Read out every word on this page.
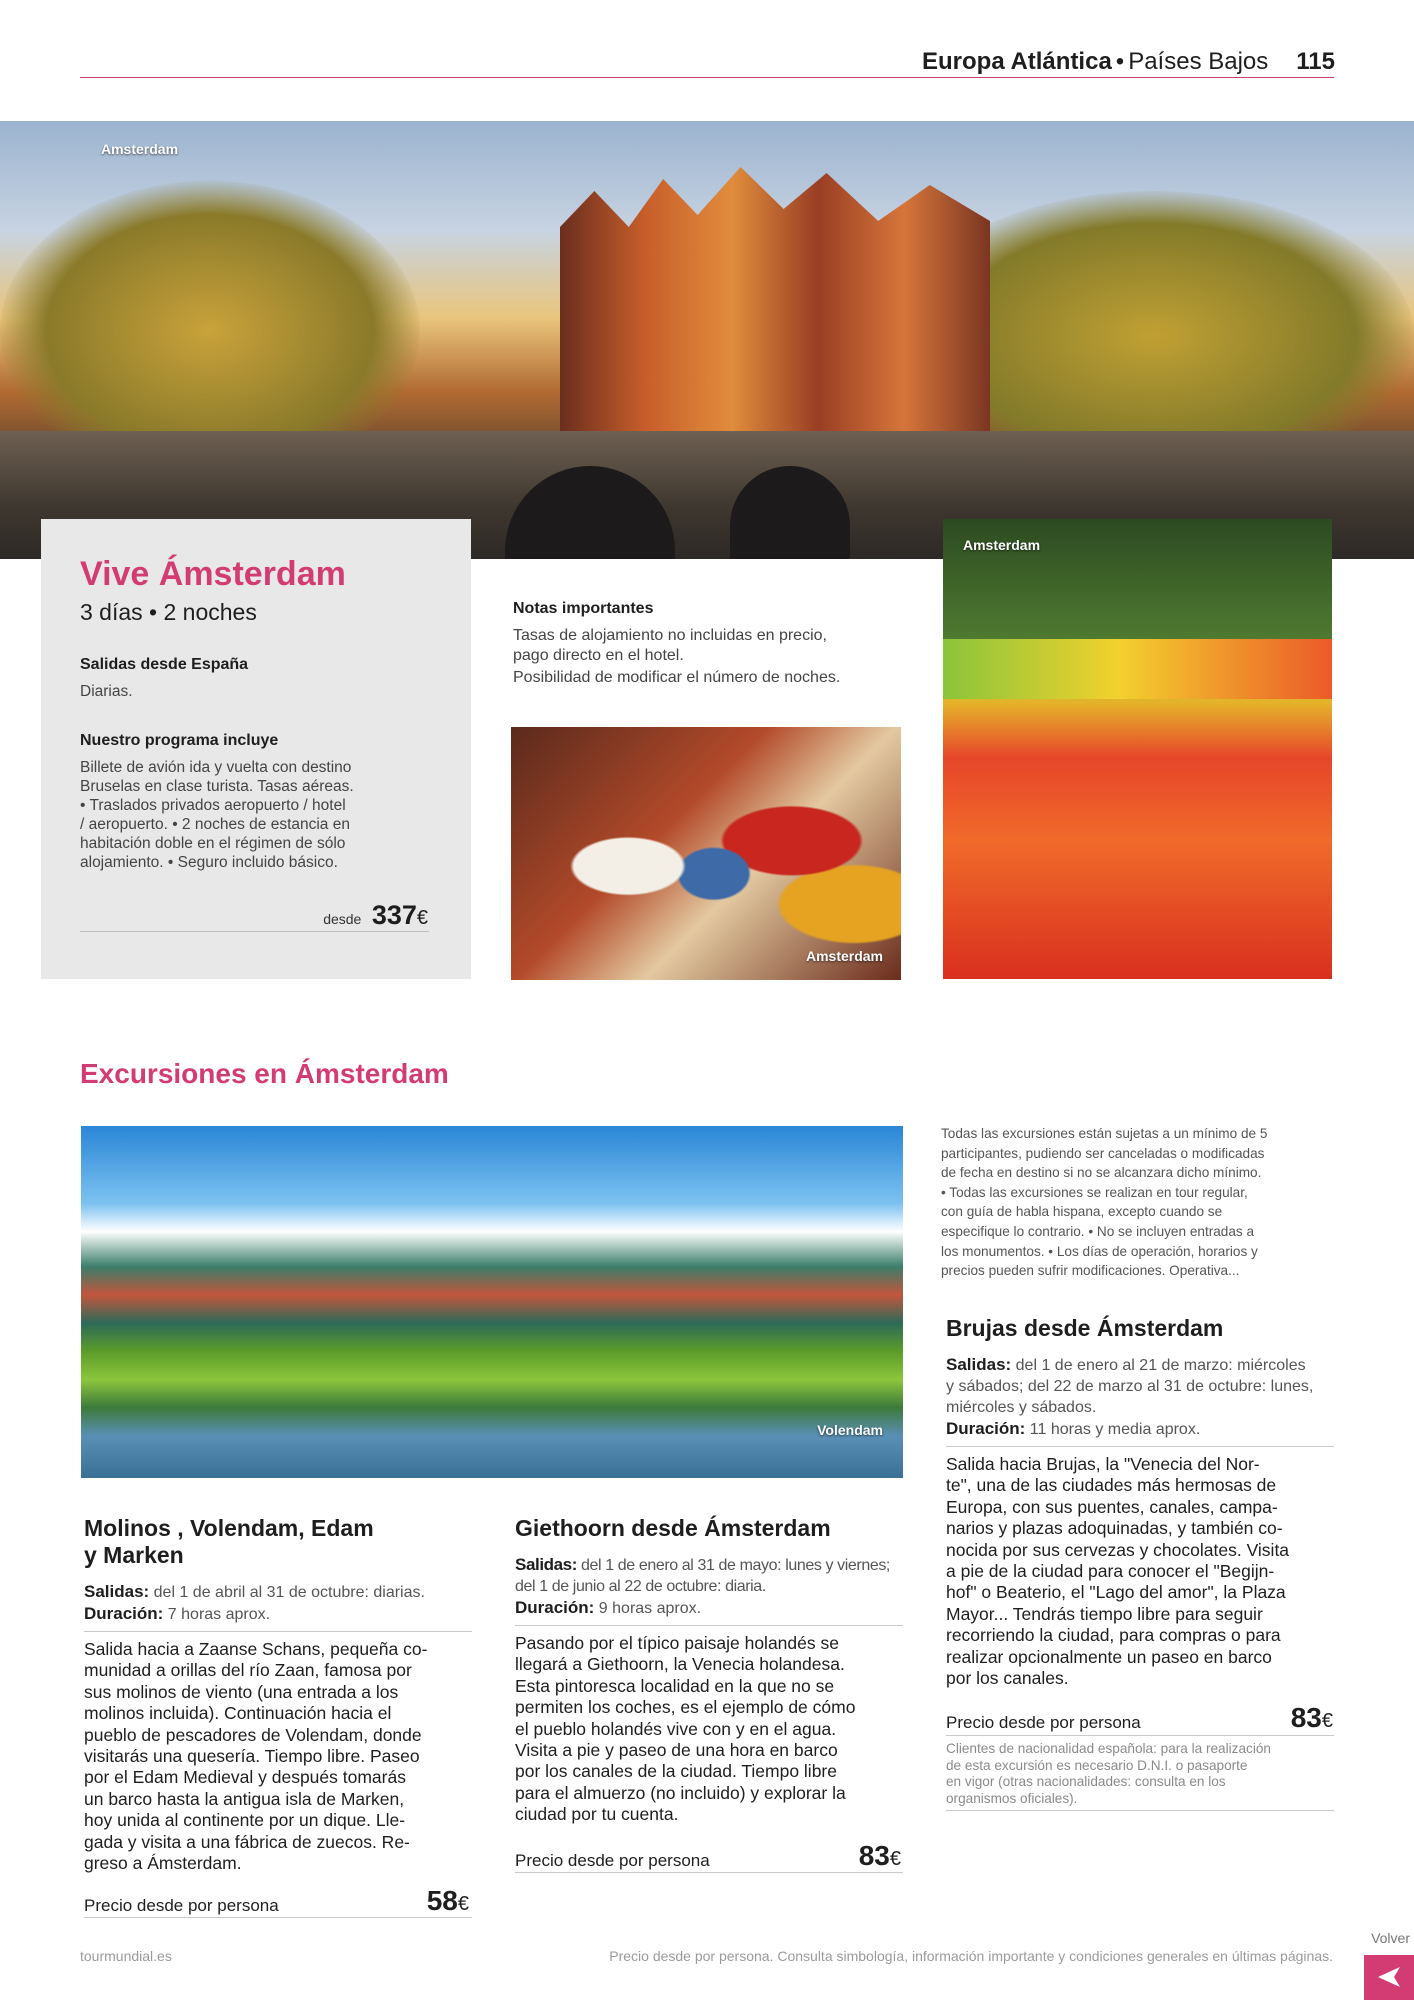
Europa Atlántica • Países Bajos 115
Amsterdam
Vive Ámsterdam
3 días • 2 noches
Salidas desde España
Diarias.
Nuestro programa incluye
Billete de avión ida y vuelta con destino
Bruselas en clase turista. Tasas aéreas.
• Traslados privados aeropuerto / hotel
/ aeropuerto. • 2 noches de estancia en
habitación doble en el régimen de sólo
alojamiento. • Seguro incluido básico.
desde 337€
Notas importantes
Tasas de alojamiento no incluidas en precio,
pago directo en el hotel.
Posibilidad de modificar el número de noches.
Amsterdam
Amsterdam
Excursiones en Ámsterdam
Volendam
Todas las excursiones están sujetas a un mínimo de 5
participantes, pudiendo ser canceladas o modificadas
de fecha en destino si no se alcanzara dicho mínimo.
• Todas las excursiones se realizan en tour regular,
con guía de habla hispana, excepto cuando se
especifique lo contrario. • No se incluyen entradas a
los monumentos. • Los días de operación, horarios y
precios pueden sufrir modificaciones. Operativa...
Molinos , Volendam, Edam
y Marken
Salidas: del 1 de abril al 31 de octubre: diarias.
Duración: 7 horas aprox.
Salida hacia a Zaanse Schans, pequeña co-
munidad a orillas del río Zaan, famosa por
sus molinos de viento (una entrada a los
molinos incluida). Continuación hacia el
pueblo de pescadores de Volendam, donde
visitarás una quesería. Tiempo libre. Paseo
por el Edam Medieval y después tomarás
un barco hasta la antigua isla de Marken,
hoy unida al continente por un dique. Lle-
gada y visita a una fábrica de zuecos. Re-
greso a Ámsterdam.
Precio desde por persona	58€
Giethoorn desde Ámsterdam
Salidas: del 1 de enero al 31 de mayo: lunes y viernes;
del 1 de junio al 22 de octubre: diaria.
Duración: 9 horas aprox.
Pasando por el típico paisaje holandés se
llegará a Giethoorn, la Venecia holandesa.
Esta pintoresca localidad en la que no se
permiten los coches, es el ejemplo de cómo
el pueblo holandés vive con y en el agua.
Visita a pie y paseo de una hora en barco
por los canales de la ciudad. Tiempo libre
para el almuerzo (no incluido) y explorar la
ciudad por tu cuenta.
Precio desde por persona	83€
Brujas desde Ámsterdam
Salidas: del 1 de enero al 21 de marzo: miércoles
y sábados; del 22 de marzo al 31 de octubre: lunes,
miércoles y sábados.
Duración: 11 horas y media aprox.
Salida hacia Brujas, la "Venecia del Nor-
te", una de las ciudades más hermosas de
Europa, con sus puentes, canales, campa-
narios y plazas adoquinadas, y también co-
nocida por sus cervezas y chocolates. Visita
a pie de la ciudad para conocer el "Begijn-
hof" o Beaterio, el "Lago del amor", la Plaza
Mayor... Tendrás tiempo libre para seguir
recorriendo la ciudad, para compras o para
realizar opcionalmente un paseo en barco
por los canales.
Precio desde por persona	83€
Clientes de nacionalidad española: para la realización
de esta excursión es necesario D.N.I. o pasaporte
en vigor (otras nacionalidades: consulta en los
organismos oficiales).
tourmundial.es	Precio desde por persona. Consulta simbología, información importante y condiciones generales en últimas páginas.
Volver
